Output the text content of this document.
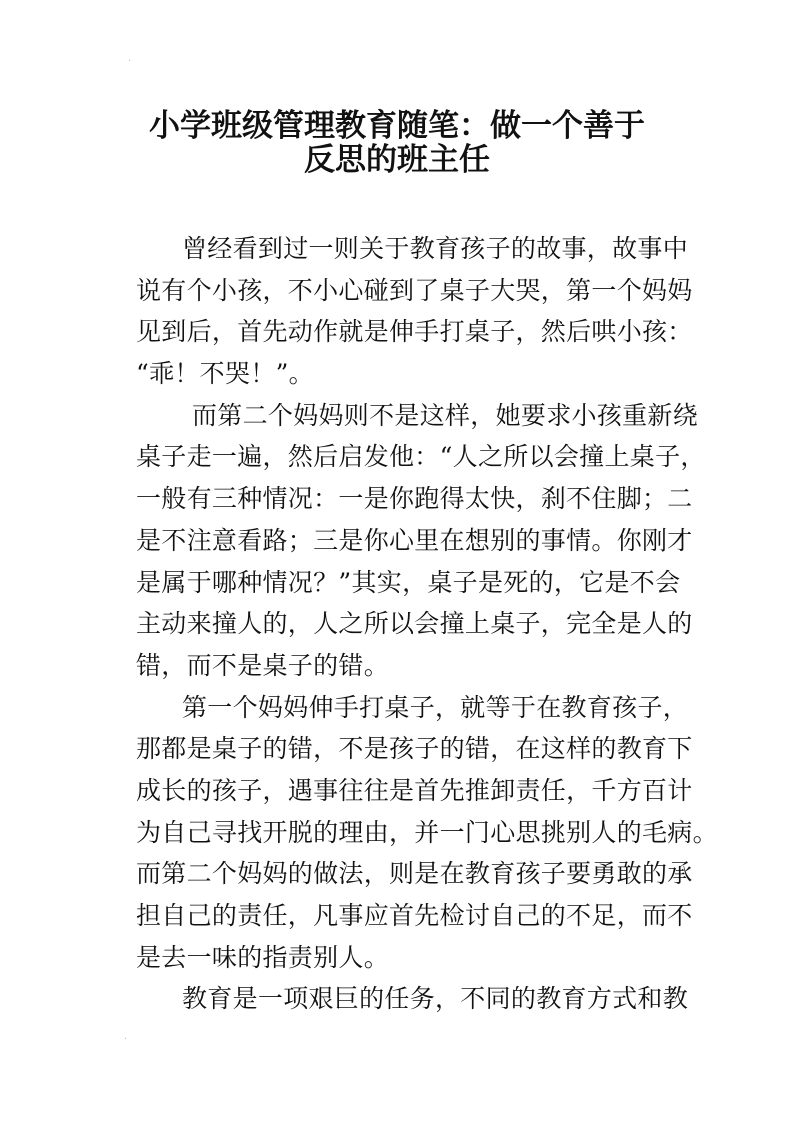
·
小学班级管理教育随笔：做一个善于
反思的班主任
曾经看到过一则关于教育孩子的故事，故事中
说有个小孩，不小心碰到了桌子大哭，第一个妈妈
见到后，首先动作就是伸手打桌子，然后哄小孩：
“乖！不哭！”。
而第二个妈妈则不是这样，她要求小孩重新绕
桌子走一遍，然后启发他：“人之所以会撞上桌子，
一般有三种情况：一是你跑得太快，刹不住脚；二
是不注意看路；三是你心里在想别的事情。你刚才
是属于哪种情况？”其实，桌子是死的，它是不会
主动来撞人的，人之所以会撞上桌子，完全是人的
错，而不是桌子的错。
第一个妈妈伸手打桌子，就等于在教育孩子，
那都是桌子的错，不是孩子的错，在这样的教育下
成长的孩子，遇事往往是首先推卸责任，千方百计
为自己寻找开脱的理由，并一门心思挑别人的毛病。
而第二个妈妈的做法，则是在教育孩子要勇敢的承
担自己的责任，凡事应首先检讨自己的不足，而不
是去一味的指责别人。
教育是一项艰巨的任务，不同的教育方式和教
·
